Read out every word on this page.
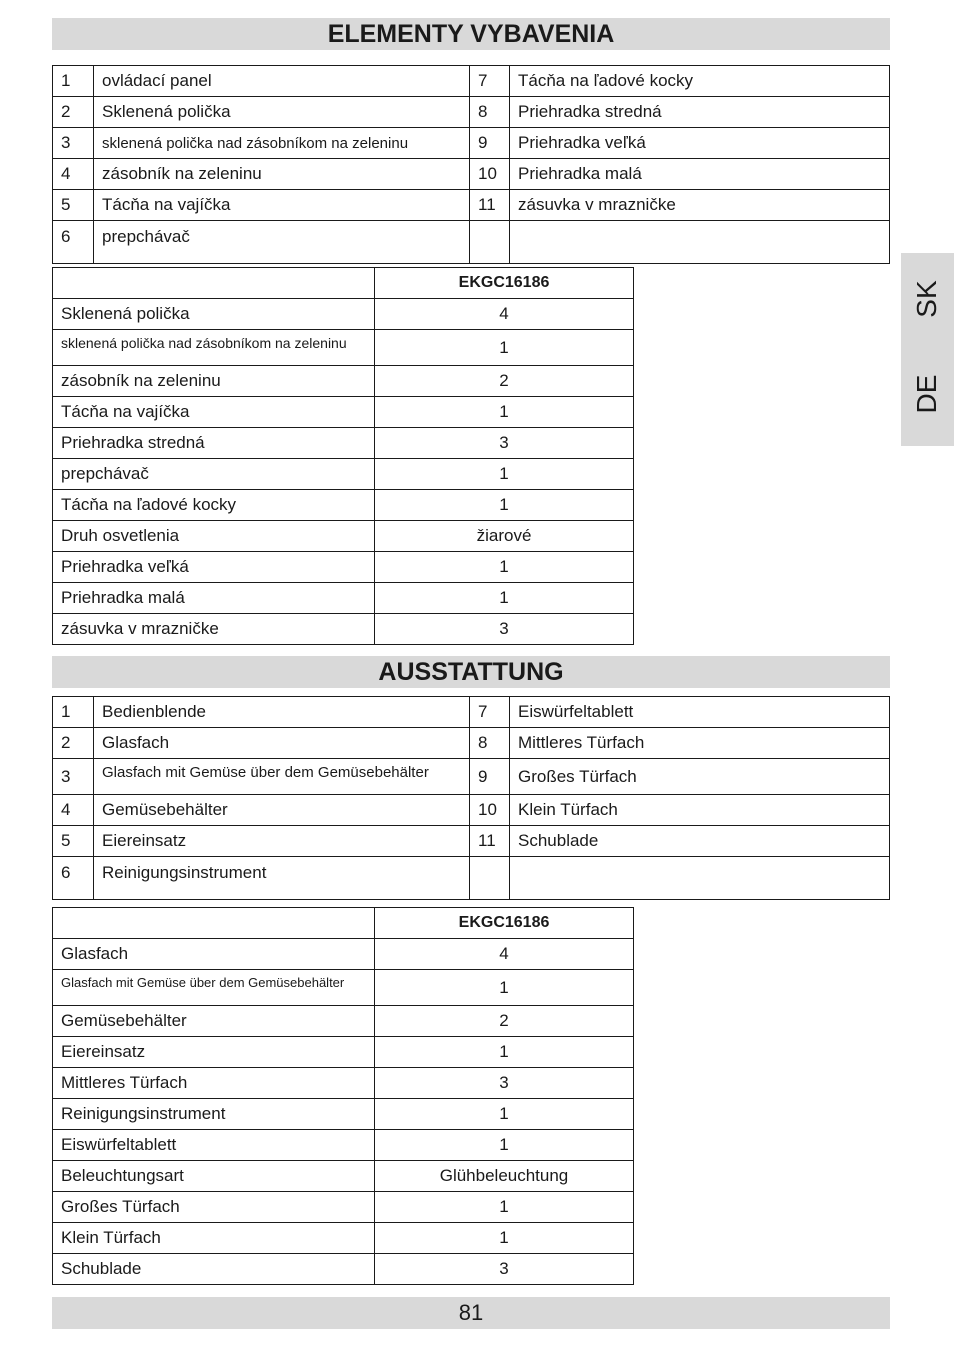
ELEMENTY VYBAVENIA
1	ovládací panel	7	Tácňa na ľadové kocky
2	Sklenená polička	8	Priehradka stredná
3	sklenená polička nad zásobníkom na zeleninu	9	Priehradka veľká
4	zásobník na zeleninu	10	Priehradka malá
5	Tácňa na vajíčka	11	zásuvka v mrazničke
6	prepchávač		
	EKGC16186
Sklenená polička	4
sklenená polička nad zásobníkom na zeleninu	1
zásobník na zeleninu	2
Tácňa na vajíčka	1
Priehradka stredná	3
prepchávač	1
Tácňa na ľadové kocky	1
Druh osvetlenia	žiarové
Priehradka veľká	1
Priehradka malá	1
zásuvka v mrazničke	3
AUSSTATTUNG
1	Bedienblende	7	Eiswürfeltablett
2	Glasfach	8	Mittleres Türfach
3	Glasfach mit Gemüse über dem Gemüsebehälter	9	Großes Türfach
4	Gemüsebehälter	10	Klein Türfach
5	Eiereinsatz	11	Schublade
6	Reinigungsinstrument		
	EKGC16186
Glasfach	4
Glasfach mit Gemüse über dem Gemüsebehälter	1
Gemüsebehälter	2
Eiereinsatz	1
Mittleres Türfach	3
Reinigungsinstrument	1
Eiswürfeltablett	1
Beleuchtungsart	Glühbeleuchtung
Großes Türfach	1
Klein Türfach	1
Schublade	3
SK
DE
81
